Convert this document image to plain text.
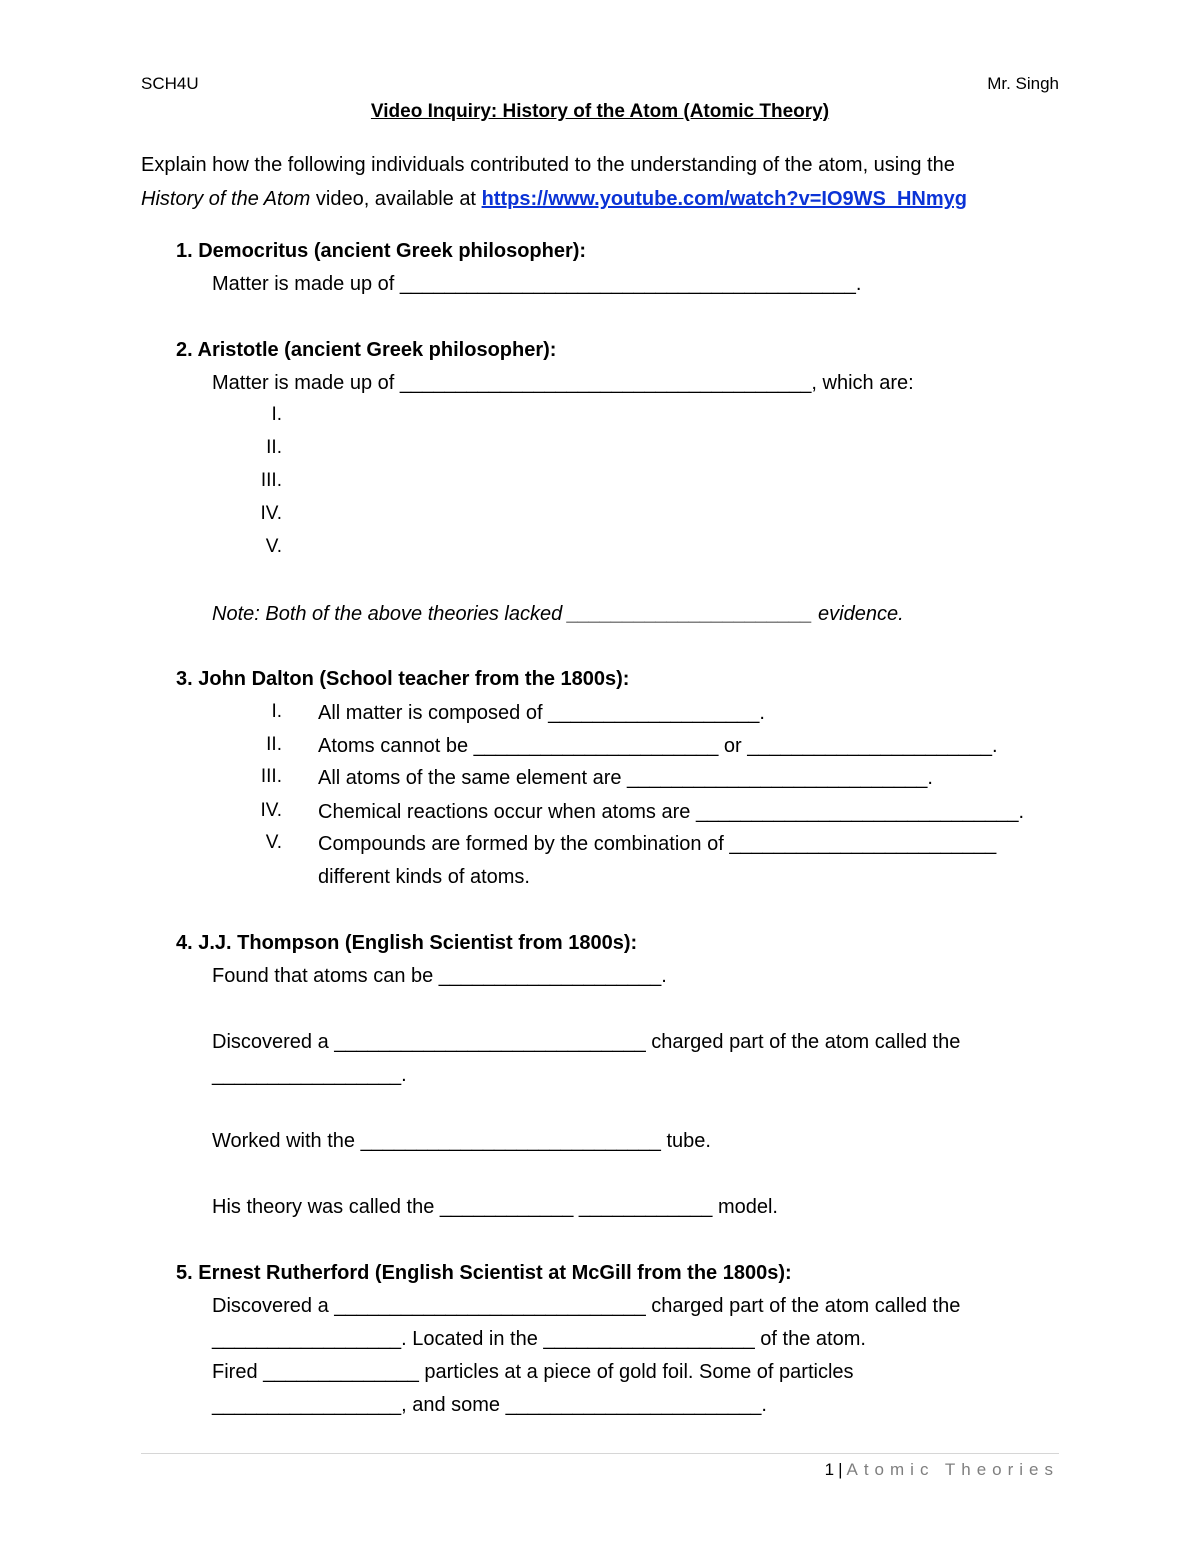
SCH4U	Mr. Singh
Video Inquiry: History of the Atom (Atomic Theory)
Explain how the following individuals contributed to the understanding of the atom, using the
History of the Atom video, available at https://www.youtube.com/watch?v=IO9WS_HNmyg
1. Democritus (ancient Greek philosopher):
Matter is made up of _________________________________________.
2. Aristotle (ancient Greek philosopher):
Matter is made up of _____________________________________, which are:
I.
II.
III.
IV.
V.
Note: Both of the above theories lacked ______________________ evidence.
3. John Dalton (School teacher from the 1800s):
I. All matter is composed of ___________________.
II. Atoms cannot be ______________________ or ______________________.
III. All atoms of the same element are ___________________________.
IV. Chemical reactions occur when atoms are _____________________________.
V. Compounds are formed by the combination of ________________________
different kinds of atoms.
4. J.J. Thompson (English Scientist from 1800s):
Found that atoms can be ____________________.
Discovered a ____________________________ charged part of the atom called the
_________________.
Worked with the ___________________________ tube.
His theory was called the ____________ ____________ model.
5. Ernest Rutherford (English Scientist at McGill from the 1800s):
Discovered a ____________________________ charged part of the atom called the
_________________. Located in the ___________________ of the atom.
Fired ______________ particles at a piece of gold foil. Some of particles
_________________, and some _______________________.
1 | Atomic Theories
